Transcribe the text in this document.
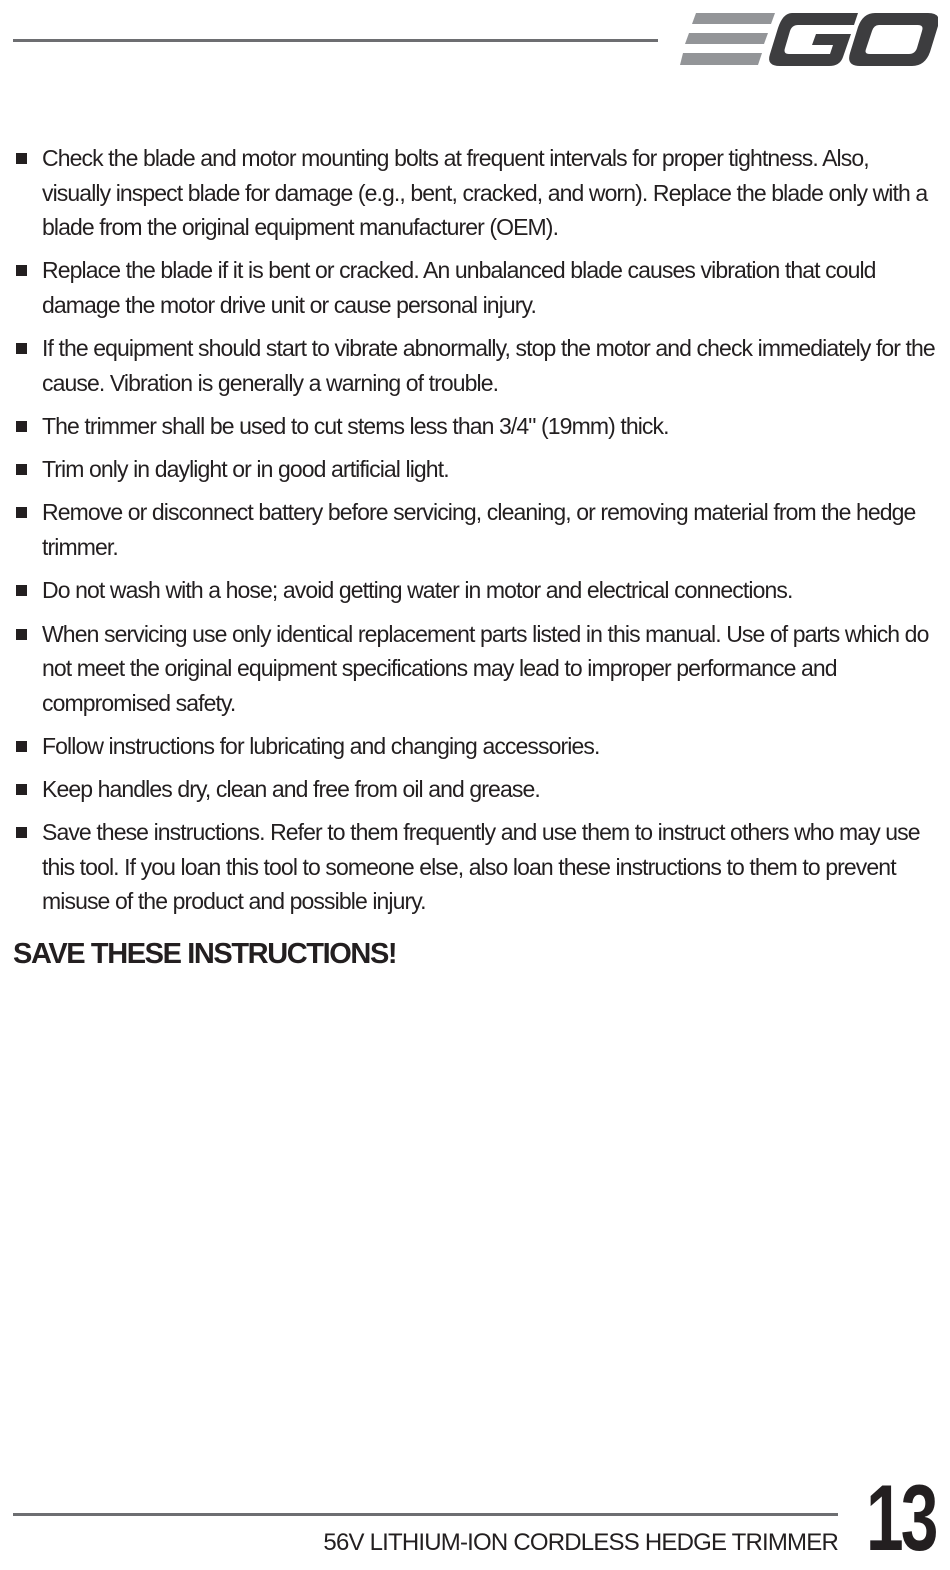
Check the blade and motor mounting bolts at frequent intervals for proper tightness. Also, visually inspect blade for damage (e.g., bent, cracked, and worn). Replace the blade only with a blade from the original equipment manufacturer (OEM).
Replace the blade if it is bent or cracked. An unbalanced blade causes vibration that could damage the motor drive unit or cause personal injury.
If the equipment should start to vibrate abnormally, stop the motor and check immediately for the cause. Vibration is generally a warning of trouble.
The trimmer shall be used to cut stems less than 3/4" (19mm) thick.
Trim only in daylight or in good artificial light.
Remove or disconnect battery before servicing, cleaning, or removing material from the hedge trimmer.
Do not wash with a hose; avoid getting water in motor and electrical connections.
When servicing use only identical replacement parts listed in this manual. Use of parts which do not meet the original equipment specifications may lead to improper performance and compromised safety.
Follow instructions for lubricating and changing accessories.
Keep handles dry, clean and free from oil and grease.
Save these instructions. Refer to them frequently and use them to instruct others who may use this tool. If you loan this tool to someone else, also loan these instructions to them to prevent misuse of the product and possible injury.
SAVE THESE INSTRUCTIONS!
56V LITHIUM-ION CORDLESS HEDGE TRIMMER 13
